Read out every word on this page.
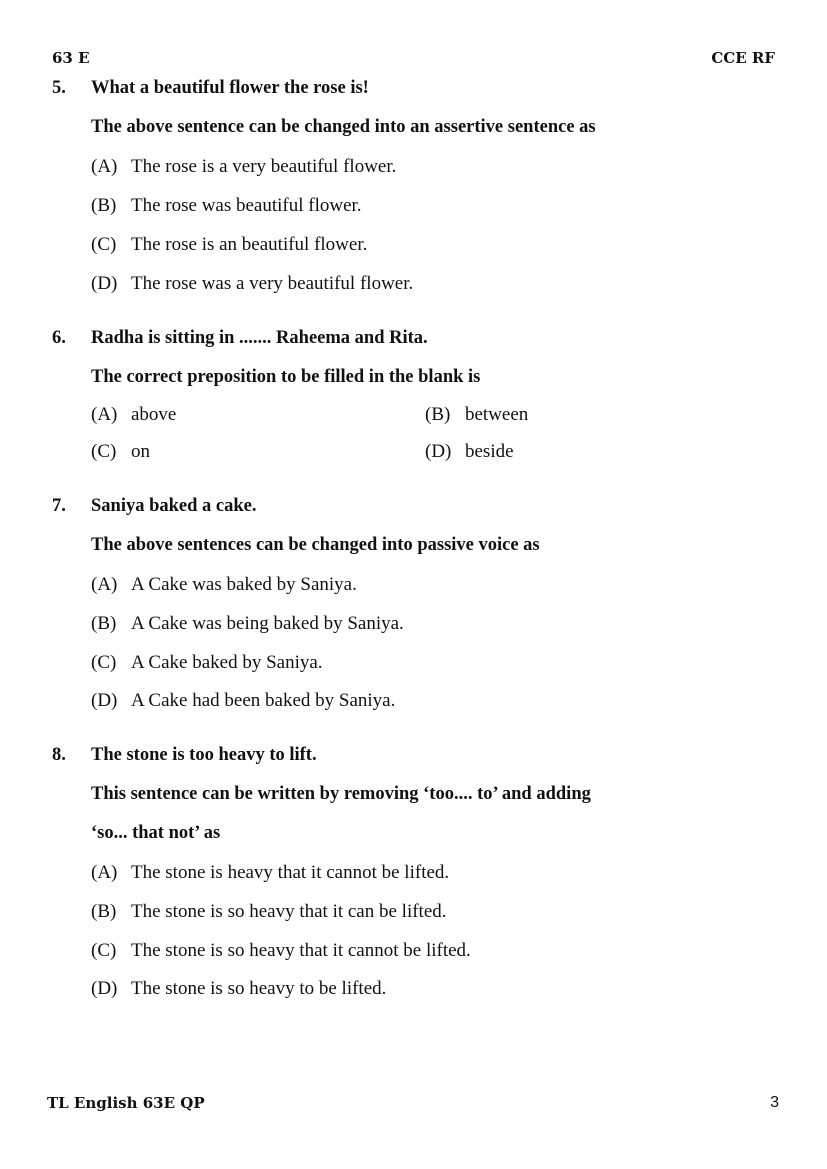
63 E	CCE RF
5. What a beautiful flower the rose is!
The above sentence can be changed into an assertive sentence as
(A) The rose is a very beautiful flower.
(B) The rose was beautiful flower.
(C) The rose is an beautiful flower.
(D) The rose was a very beautiful flower.
6. Radha is sitting in ....... Raheema and Rita.
The correct preposition to be filled in the blank is
(A) above	(B) between
(C) on	(D) beside
7. Saniya baked a cake.
The above sentences can be changed into passive voice as
(A) A Cake was baked by Saniya.
(B) A Cake was being baked by Saniya.
(C) A Cake baked by Saniya.
(D) A Cake had been baked by Saniya.
8. The stone is too heavy to lift.
This sentence can be written by removing ‘too.... to’ and adding
‘so... that not’ as
(A) The stone is heavy that it cannot be lifted.
(B) The stone is so heavy that it can be lifted.
(C) The stone is so heavy that it cannot be lifted.
(D) The stone is so heavy to be lifted.
TL English 63E QP	3
